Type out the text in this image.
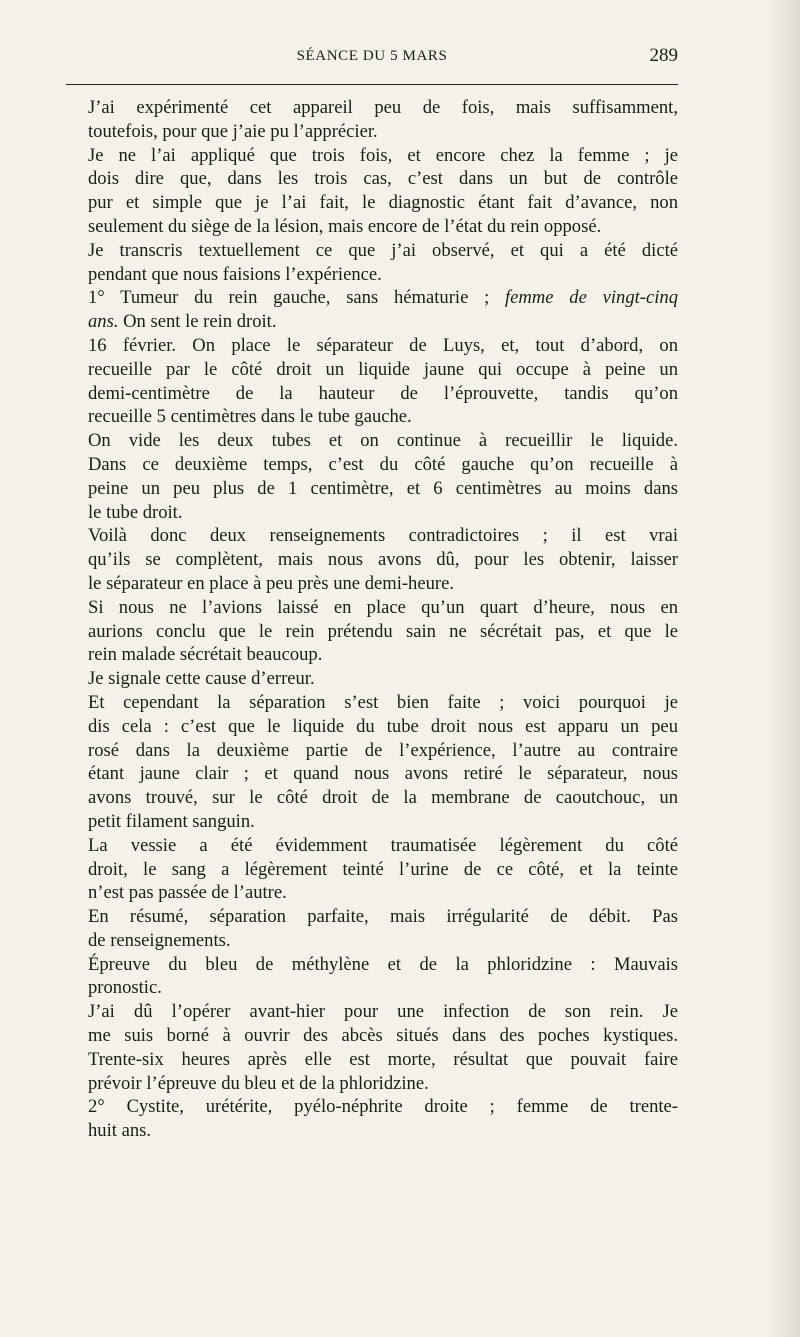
SÉANCE DU 5 MARS	289

J’ai expérimenté cet appareil peu de fois, mais suffisamment,
toutefois, pour que j’aie pu l’apprécier.

Je ne l’ai appliqué que trois fois, et encore chez la femme ; je
dois dire que, dans les trois cas, c’est dans un but de contrôle
pur et simple que je l’ai fait, le diagnostic étant fait d’avance, non
seulement du siège de la lésion, mais encore de l’état du rein opposé.

Je transcris textuellement ce que j’ai observé, et qui a été dicté
pendant que nous faisions l’expérience.

1° Tumeur du rein gauche, sans hématurie ; femme de vingt-cinq
ans. On sent le rein droit.

16 février. On place le séparateur de Luys, et, tout d’abord, on
recueille par le côté droit un liquide jaune qui occupe à peine un
demi-centimètre de la hauteur de l’éprouvette, tandis qu’on
recueille 5 centimètres dans le tube gauche.

On vide les deux tubes et on continue à recueillir le liquide.
Dans ce deuxième temps, c’est du côté gauche qu’on recueille à
peine un peu plus de 1 centimètre, et 6 centimètres au moins dans
le tube droit.

Voilà donc deux renseignements contradictoires ; il est vrai
qu’ils se complètent, mais nous avons dû, pour les obtenir, laisser
le séparateur en place à peu près une demi-heure.

Si nous ne l’avions laissé en place qu’un quart d’heure, nous en
aurions conclu que le rein prétendu sain ne sécrétait pas, et que le
rein malade sécrétait beaucoup.

Je signale cette cause d’erreur.

Et cependant la séparation s’est bien faite ; voici pourquoi je
dis cela : c’est que le liquide du tube droit nous est apparu un peu
rosé dans la deuxième partie de l’expérience, l’autre au contraire
étant jaune clair ; et quand nous avons retiré le séparateur, nous
avons trouvé, sur le côté droit de la membrane de caoutchouc, un
petit filament sanguin.

La vessie a été évidemment traumatisée légèrement du côté
droit, le sang a légèrement teinté l’urine de ce côté, et la teinte
n’est pas passée de l’autre.

En résumé, séparation parfaite, mais irrégularité de débit. Pas
de renseignements.

Épreuve du bleu de méthylène et de la phloridzine : Mauvais
pronostic.

J’ai dû l’opérer avant-hier pour une infection de son rein. Je
me suis borné à ouvrir des abcès situés dans des poches kystiques.
Trente-six heures après elle est morte, résultat que pouvait faire
prévoir l’épreuve du bleu et de la phloridzine.

2° Cystite, urétérite, pyélo-néphrite droite ; femme de trente-
huit ans.
